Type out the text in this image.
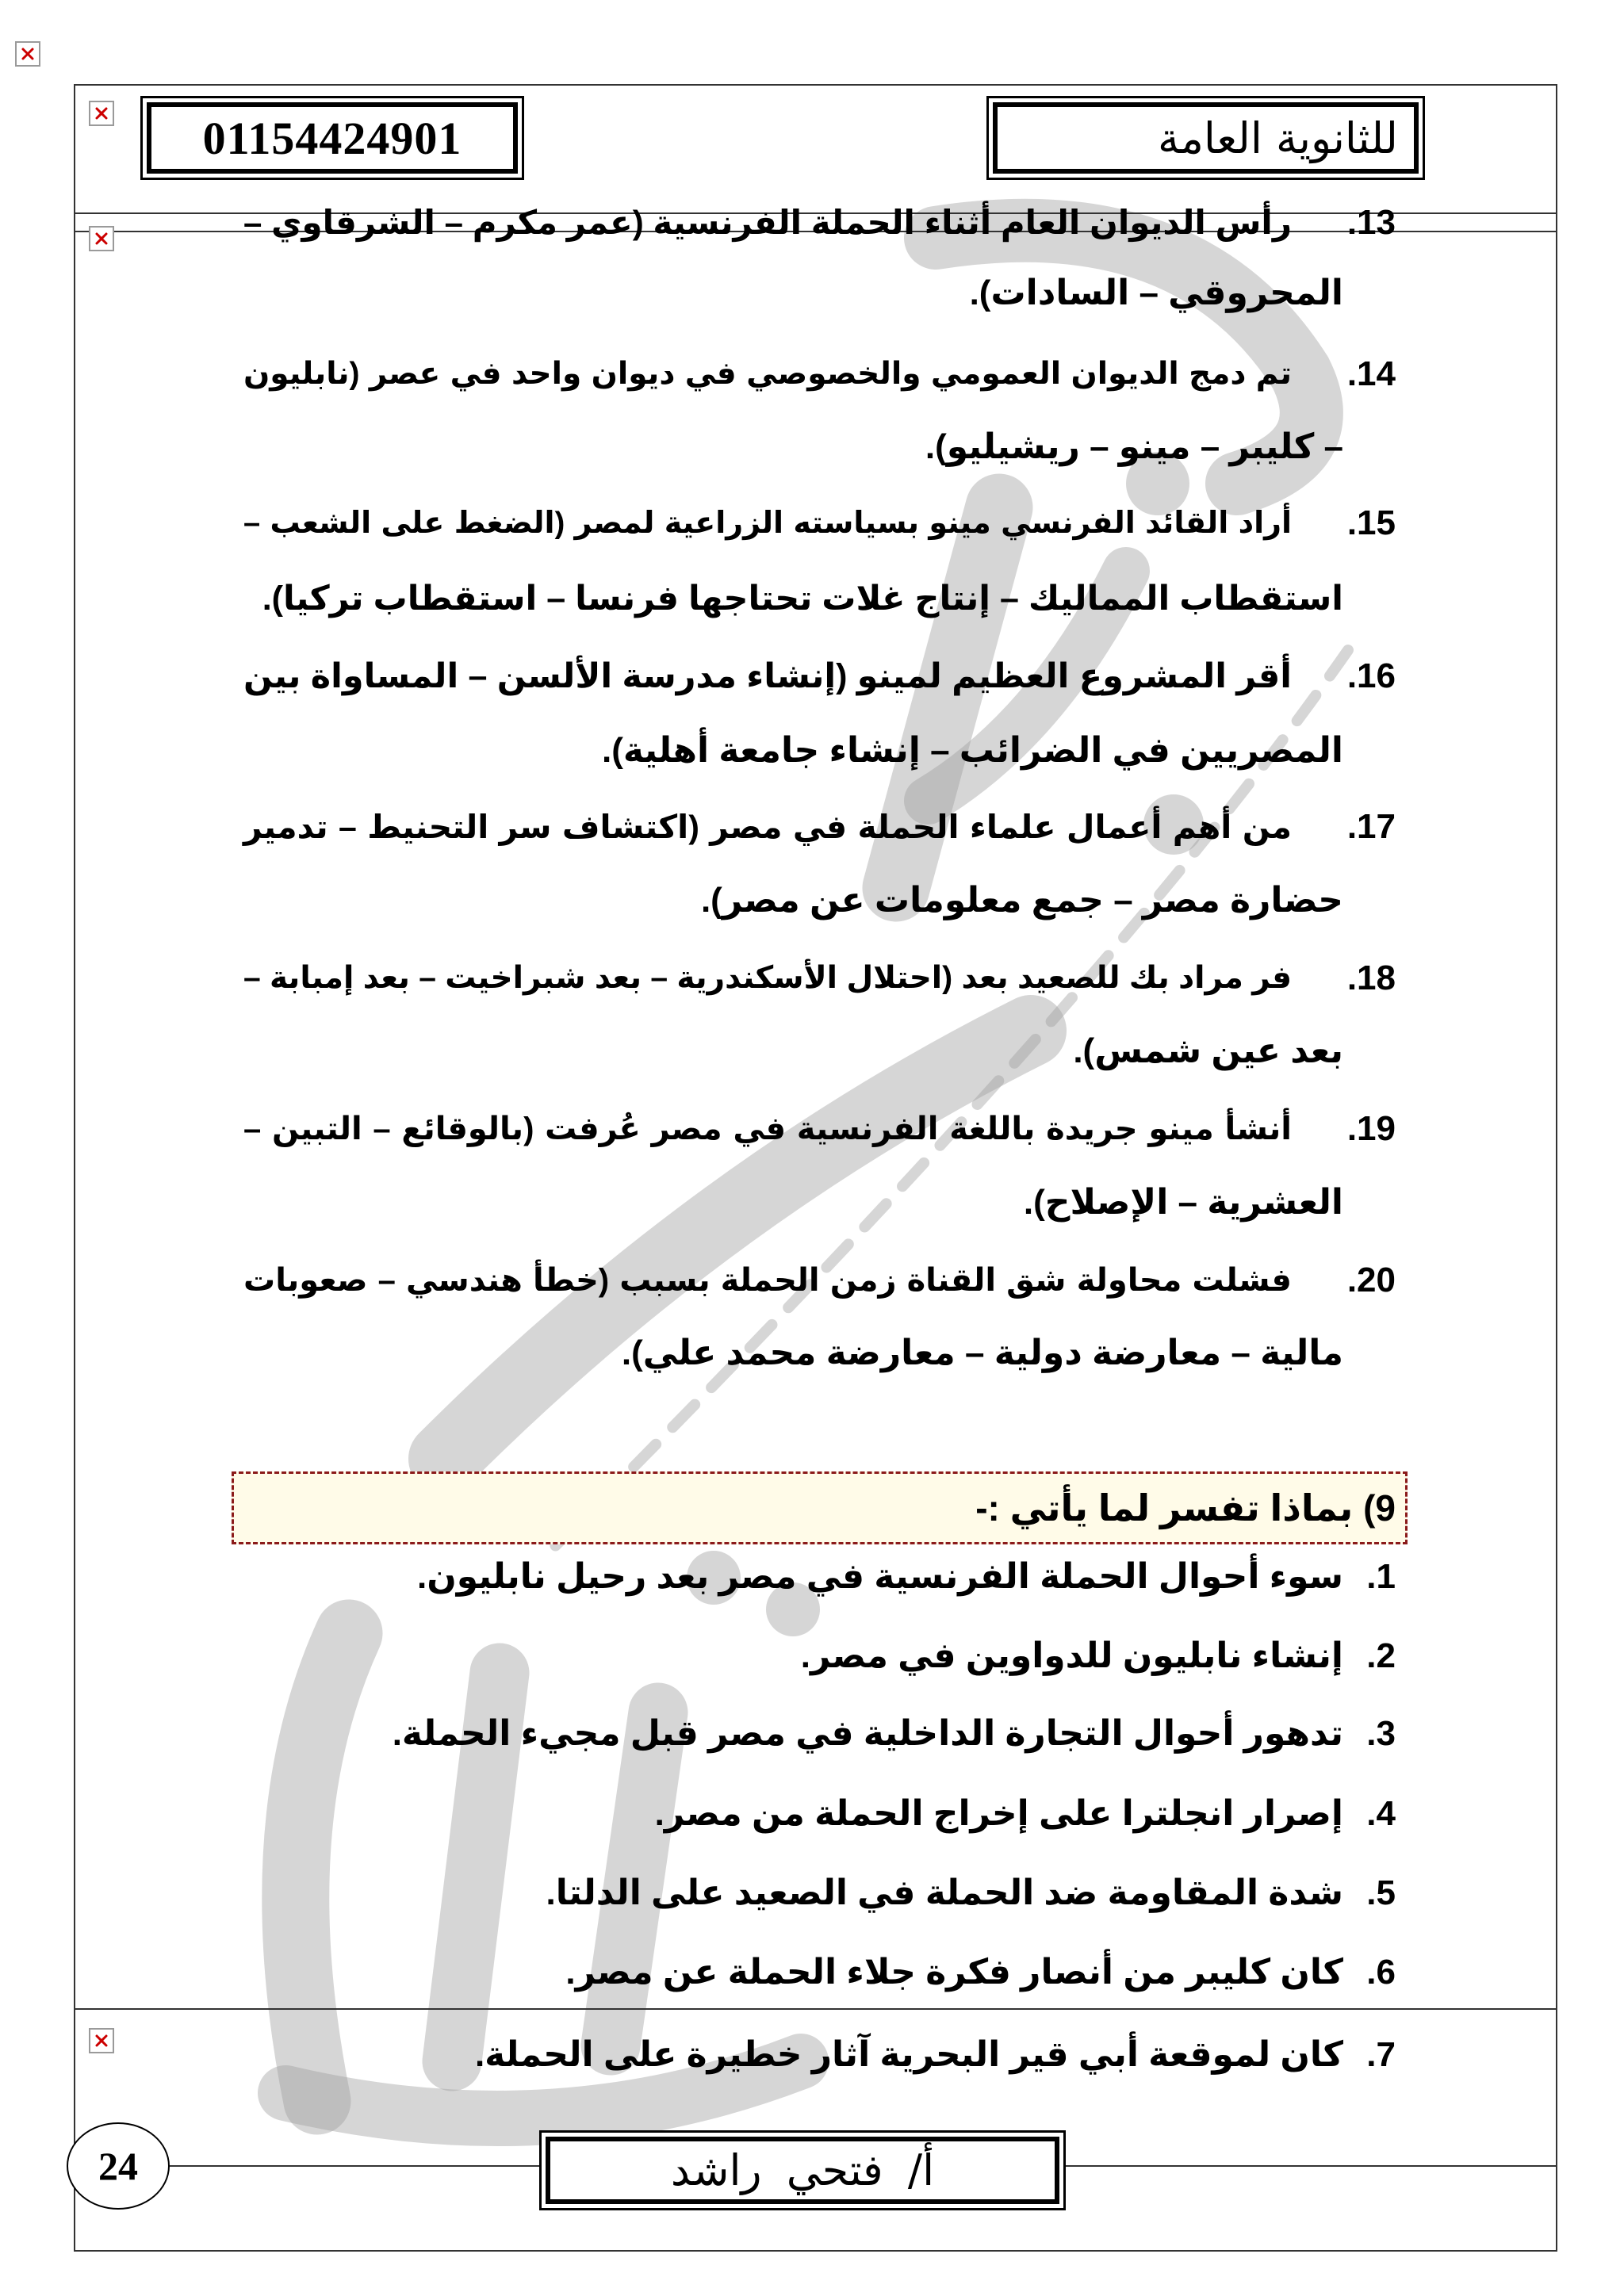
01154424901	للثانوية العامة
13.
رأس الديوان العام أثناء الحملة الفرنسية (عمر مكرم – الشرقاوي –
المحروقي – السادات).
14.
تم دمج الديوان العمومي والخصوصي في ديوان واحد في عصر (نابليون
– كليبر – مينو – ريشيليو).
15.
أراد القائد الفرنسي مينو بسياسته الزراعية لمصر (الضغط على الشعب –
استقطاب المماليك – إنتاج غلات تحتاجها فرنسا – استقطاب تركيا).
16.
أقر المشروع العظيم لمينو (إنشاء مدرسة الألسن – المساواة بين
المصريين في الضرائب – إنشاء جامعة أهلية).
17.
من أهم أعمال علماء الحملة في مصر (اكتشاف سر التحنيط – تدمير
حضارة مصر – جمع معلومات عن مصر).
18.
فر مراد بك للصعيد بعد (احتلال الأسكندرية – بعد شبراخيت – بعد إمبابة –
بعد عين شمس).
19.
أنشأ مينو جريدة باللغة الفرنسية في مصر عُرفت (بالوقائع – التبين –
العشرية – الإصلاح).
20.
فشلت محاولة شق القناة زمن الحملة بسبب (خطأ هندسي – صعوبات
مالية – معارضة دولية – معارضة محمد علي).
9) بماذا تفسر لما يأتي :-
1.
سوء أحوال الحملة الفرنسية في مصر بعد رحيل نابليون.
2.
إنشاء نابليون للدواوين في مصر.
3.
تدهور أحوال التجارة الداخلية في مصر قبل مجيء الحملة.
4.
إصرار انجلترا على إخراج الحملة من مصر.
5.
شدة المقاومة ضد الحملة في الصعيد على الدلتا.
6.
كان كليبر من أنصار فكرة جلاء الحملة عن مصر.
7.
كان لموقعة أبي قير البحرية آثار خطيرة على الحملة.
24	أ/ فتحي راشد
